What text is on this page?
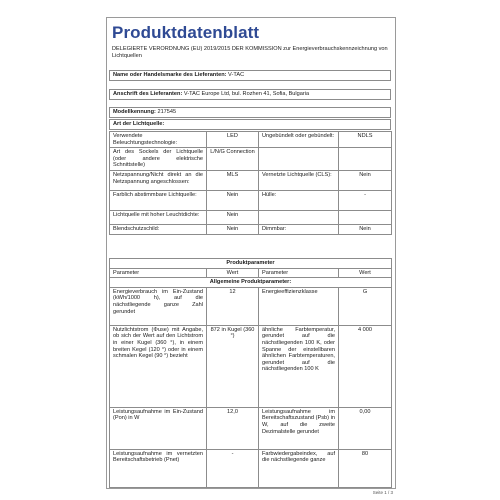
Produktdatenblatt
DELEGIERTE VERORDNUNG (EU) 2019/2015 DER KOMMISSION zur Energieverbrauchskennzeichnung von Lichtquellen
Name oder Handelsmarke des Lieferanten: V-TAC
Anschrift des Lieferanten: V-TAC Europe Ltd, bul. Rozhen 41, Sofia, Bulgaria
Modellkennung: 217545
Art der Lichtquelle:
Verwendete Beleuchtungstechnologie:	LED	Ungebündelt oder gebündelt:	NDLS
Art des Sockels der Lichtquelle (oder andere elektrische Schnittstelle)	L/N/G Connection		
Netzspannung/Nicht direkt an die Netzspannung angeschlossen:	MLS	Vernetzte Lichtquelle (CLS):	Nein
Farblich abstimmbare Lichtquelle:	Nein	Hülle:	-
Lichtquelle mit hoher Leuchtdichte:	Nein		
Blendschutzschild:	Nein	Dimmbar:	Nein
Produktparameter			
Parameter	Wert	Parameter	Wert
Allgemeine Produktparameter:			
Energieverbrauch im Ein-Zustand (kWh/1000 h), auf die nächstliegende ganze Zahl gerundet	12	Energieeffizienzklasse	G
Nutzlichtstrom (Φuse) mit Angabe, ob sich der Wert auf den Lichtstrom in einer Kugel (360 °), in einem breiten Kegel (120 °) oder in einem schmalen Kegel (90 °) bezieht	872 in Kugel (360 °)	ähnliche Farbtemperatur, gerundet auf die nächstliegenden 100 K, oder Spanne der einstellbaren ähnlichen Farbtemperaturen, gerundet auf die nächstliegenden 100 K	4 000
Leistungsaufnahme im Ein-Zustand (Pon) in W	12,0	Leistungsaufnahme im Bereitschaftszustand (Psb) in W, auf die zweite Dezimalstelle gerundet	0,00
Leistungsaufnahme im vernetzten Bereitschaftsbetrieb (Pnet)	-	Farbwiedergabeindex, auf die nächstliegende ganze	80
Seite 1 / 3
